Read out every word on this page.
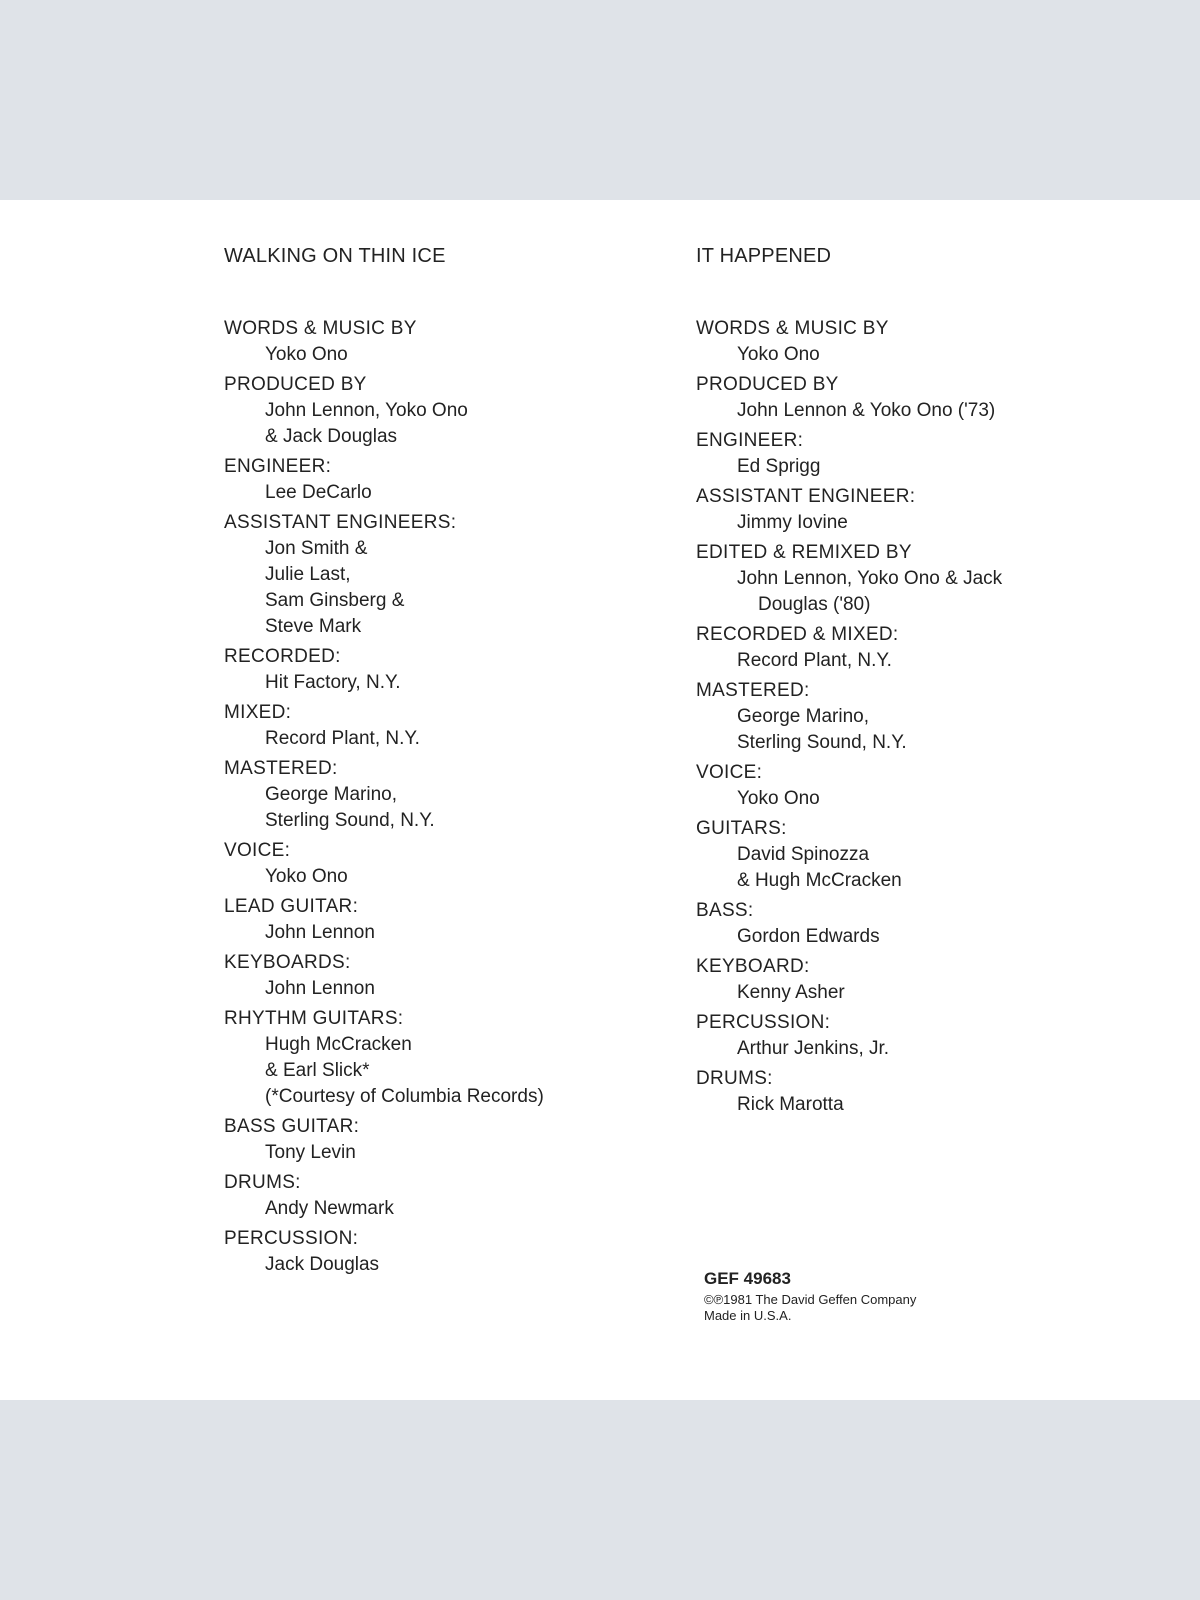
WALKING ON THIN ICE
WORDS & MUSIC BY
Yoko Ono
PRODUCED BY
John Lennon, Yoko Ono
& Jack Douglas
ENGINEER:
Lee DeCarlo
ASSISTANT ENGINEERS:
Jon Smith &
Julie Last,
Sam Ginsberg &
Steve Mark
RECORDED:
Hit Factory, N.Y.
MIXED:
Record Plant, N.Y.
MASTERED:
George Marino,
Sterling Sound, N.Y.
VOICE:
Yoko Ono
LEAD GUITAR:
John Lennon
KEYBOARDS:
John Lennon
RHYTHM GUITARS:
Hugh McCracken
& Earl Slick*
(*Courtesy of Columbia Records)
BASS GUITAR:
Tony Levin
DRUMS:
Andy Newmark
PERCUSSION:
Jack Douglas
IT HAPPENED
WORDS & MUSIC BY
Yoko Ono
PRODUCED BY
John Lennon & Yoko Ono ('73)
ENGINEER:
Ed Sprigg
ASSISTANT ENGINEER:
Jimmy Iovine
EDITED & REMIXED BY
John Lennon, Yoko Ono & Jack
Douglas ('80)
RECORDED & MIXED:
Record Plant, N.Y.
MASTERED:
George Marino,
Sterling Sound, N.Y.
VOICE:
Yoko Ono
GUITARS:
David Spinozza
& Hugh McCracken
BASS:
Gordon Edwards
KEYBOARD:
Kenny Asher
PERCUSSION:
Arthur Jenkins, Jr.
DRUMS:
Rick Marotta
GEF 49683
©℗1981 The David Geffen Company
Made in U.S.A.
